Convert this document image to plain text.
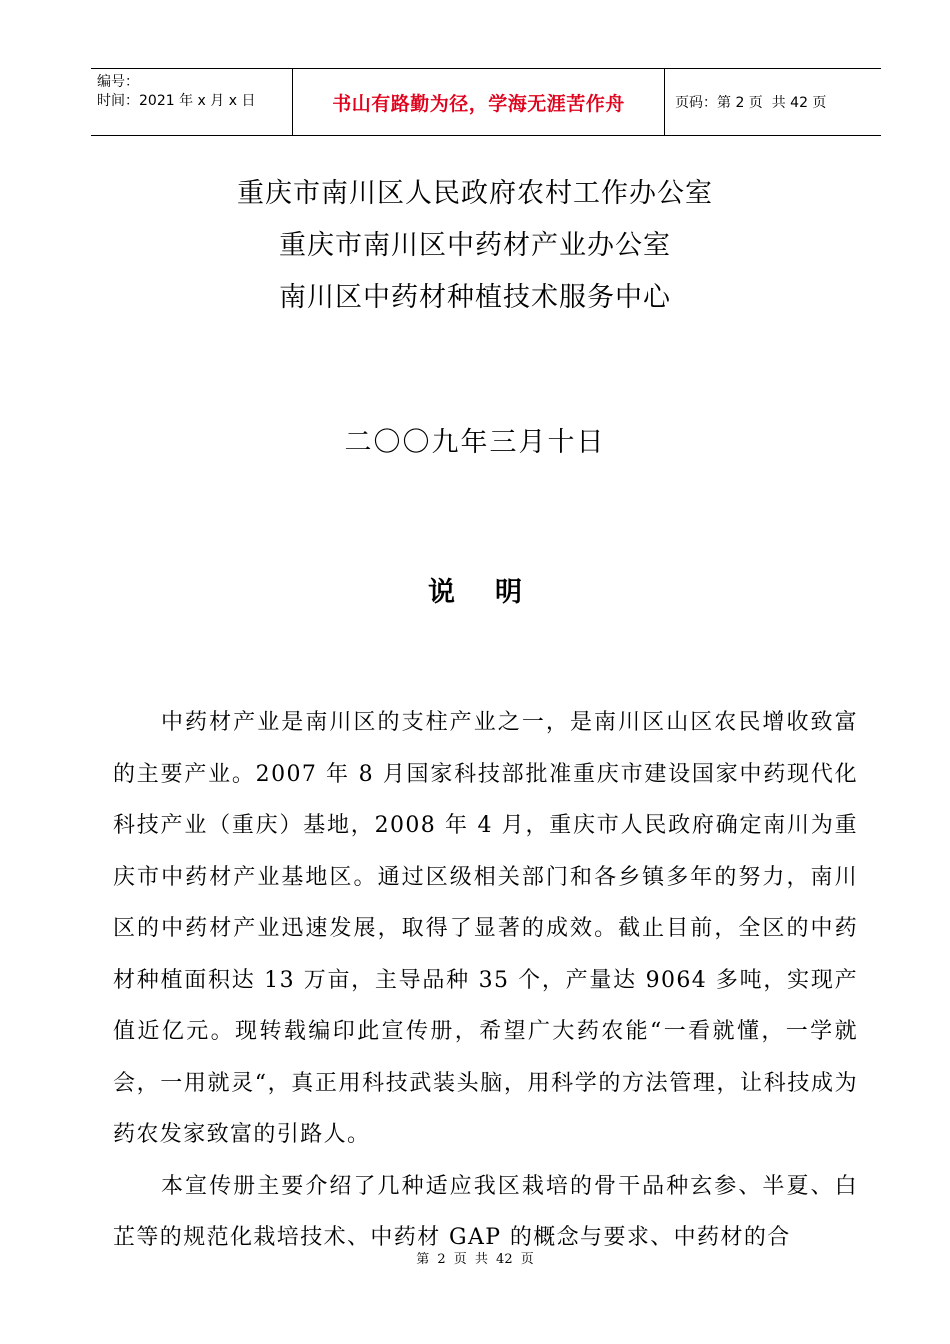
编号：
时间：2021 年 x 月 x 日	书山有路勤为径，学海无涯苦作舟	页码：第 2 页  共 42 页
重庆市南川区人民政府农村工作办公室
重庆市南川区中药材产业办公室
南川区中药材种植技术服务中心
二〇〇九年三月十日
说 明

中药材产业是南川区的支柱产业之一，是南川区山区农民增收致富的主要产业。2007 年 8 月国家科技部批准重庆市建设国家中药现代化科技产业（重庆）基地，2008 年 4 月，重庆市人民政府确定南川为重庆市中药材产业基地区。通过区级相关部门和各乡镇多年的努力，南川区的中药材产业迅速发展，取得了显著的成效。截止目前，全区的中药材种植面积达 13 万亩，主导品种 35 个，产量达 9064 多吨，实现产值近亿元。现转载编印此宣传册，希望广大药农能“一看就懂，一学就会，一用就灵“，真正用科技武装头脑，用科学的方法管理，让科技成为药农发家致富的引路人。

本宣传册主要介绍了几种适应我区栽培的骨干品种玄参、半夏、白芷等的规范化栽培技术、中药材 GAP 的概念与要求、中药材的合

第 2 页 共 42 页
